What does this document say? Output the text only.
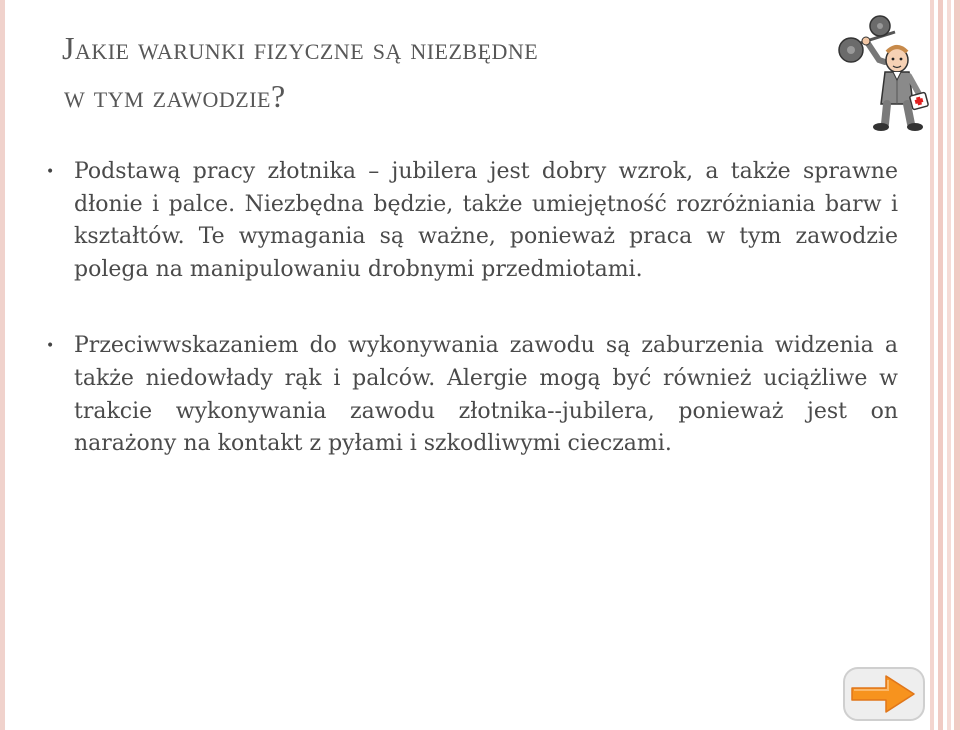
Jakie warunki fizyczne są niezbędne
w tym zawodzie?

• Podstawą pracy złotnika – jubilera jest dobry wzrok, a także sprawne dłonie i palce. Niezbędna będzie, także umiejętność rozróżniania barw i kształtów. Te wymagania są ważne, ponieważ praca w tym zawodzie polega na manipulowaniu drobnymi przedmiotami.

• Przeciwwskazaniem do wykonywania zawodu są zaburzenia widzenia a także niedowłady rąk i palców. Alergie mogą być również uciążliwe w trakcie wykonywania zawodu złotnika--jubilera, ponieważ jest on narażony na kontakt z pyłami i szkodliwymi cieczami.
